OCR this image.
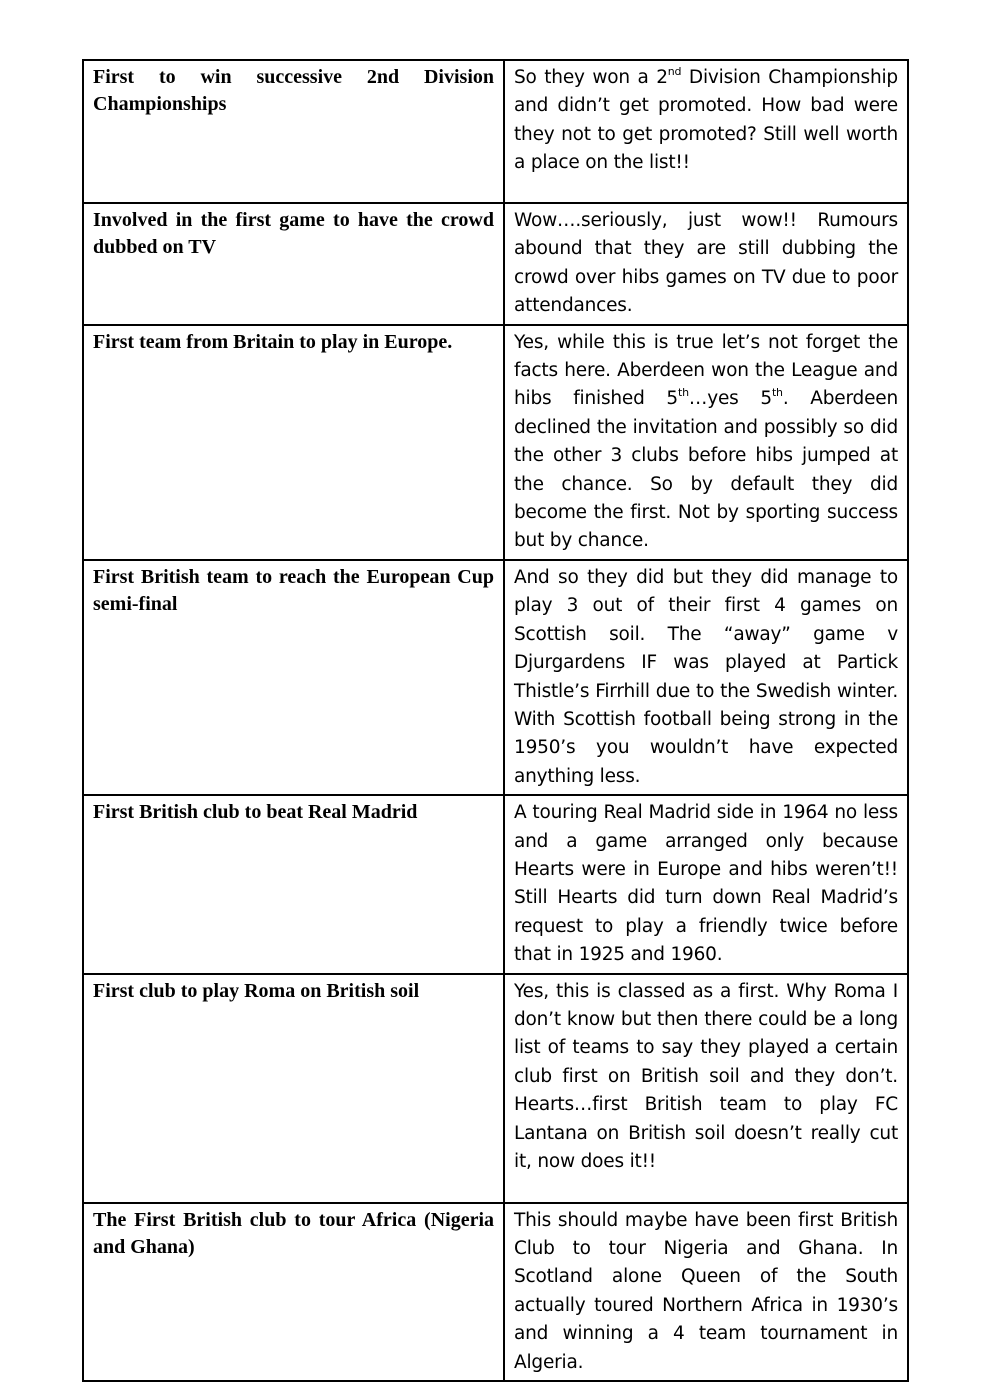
First to win successive 2nd Division Championships	So they won a 2nd Division Championship and didn’t get promoted. How bad were they not to get promoted? Still well worth a place on the list!!

Involved in the first game to have the crowd dubbed on TV	Wow….seriously, just wow!! Rumours abound that they are still dubbing the crowd over hibs games on TV due to poor attendances.
First team from Britain to play in Europe.	Yes, while this is true let’s not forget the facts here. Aberdeen won the League and hibs finished 5th…yes 5th. Aberdeen declined the invitation and possibly so did the other 3 clubs before hibs jumped at the chance. So by default they did become the first. Not by sporting success but by chance.

First British team to reach the European Cup semi-final	And so they did but they did manage to play 3 out of their first 4 games on Scottish soil. The “away” game v Djurgardens IF was played at Partick Thistle’s Firrhill due to the Swedish winter. With Scottish football being strong in the 1950’s you wouldn’t have expected anything less.
First British club to beat Real Madrid	A touring Real Madrid side in 1964 no less and a game arranged only because Hearts were in Europe and hibs weren’t!! Still Hearts did turn down Real Madrid’s request to play a friendly twice before that in 1925 and 1960.
First club to play Roma on British soil	Yes, this is classed as a first. Why Roma I don’t know but then there could be a long list of teams to say they played a certain club first on British soil and they don’t. Hearts…first British team to play FC Lantana on British soil doesn’t really cut it, now does it!!
The First British club to tour Africa (Nigeria and Ghana)	This should maybe have been first British Club to tour Nigeria and Ghana. In Scotland alone Queen of the South actually toured Northern Africa in 1930’s and winning a 4 team tournament in Algeria.
